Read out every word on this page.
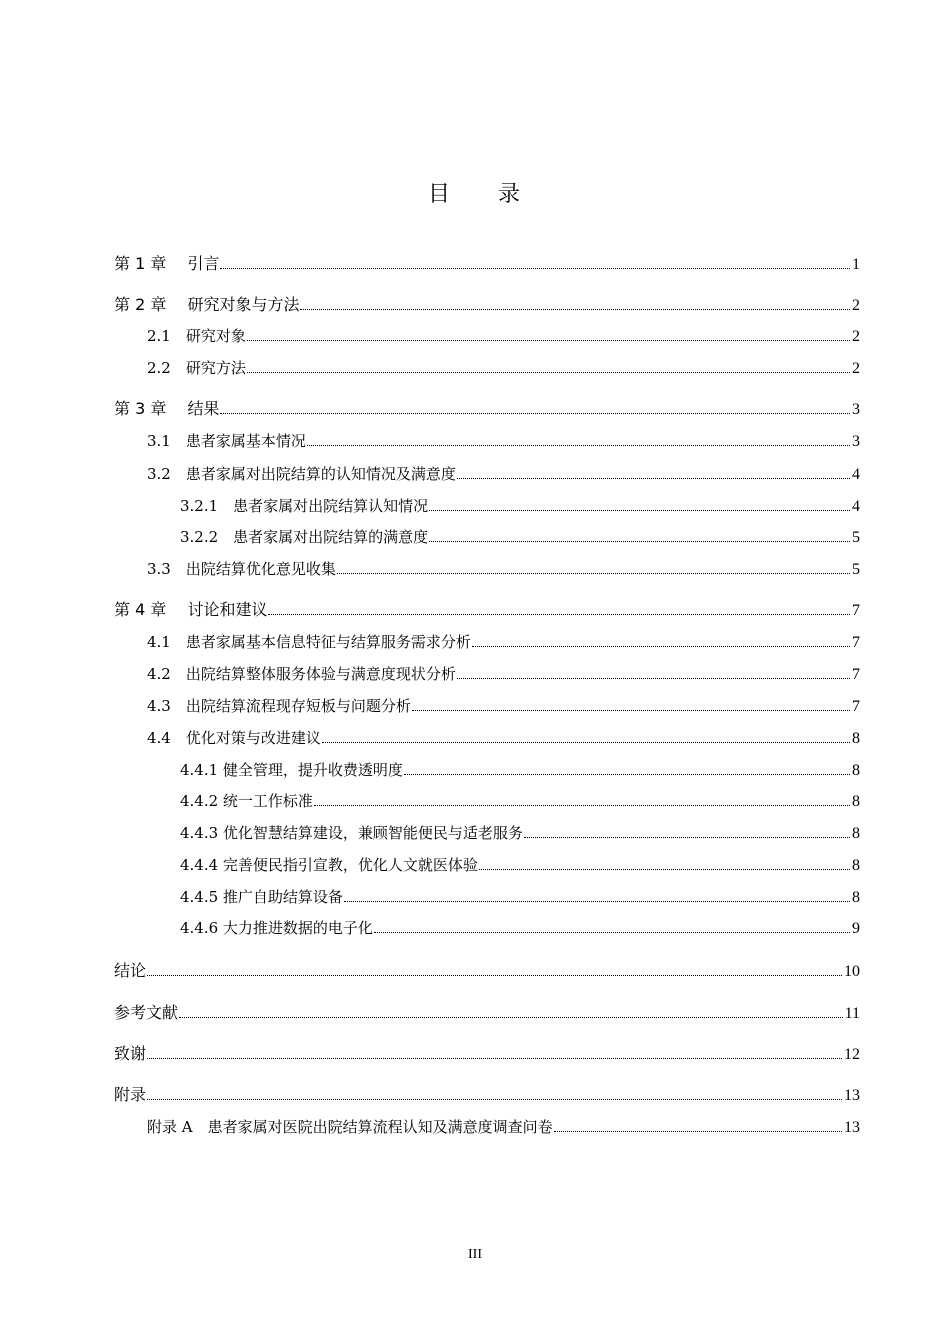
目 录
第 1 章　 引言	1
第 2 章　 研究对象与方法	2
2.1　研究对象	2
2.2　研究方法	2
第 3 章　 结果	3
3.1　患者家属基本情况	3
3.2　患者家属对出院结算的认知情况及满意度	4
3.2.1　患者家属对出院结算认知情况	4
3.2.2　患者家属对出院结算的满意度	5
3.3　出院结算优化意见收集	5
第 4 章　 讨论和建议	7
4.1　患者家属基本信息特征与结算服务需求分析	7
4.2　出院结算整体服务体验与满意度现状分析	7
4.3　出院结算流程现存短板与问题分析	7
4.4　优化对策与改进建议	8
4.4.1 健全管理，提升收费透明度	8
4.4.2 统一工作标准	8
4.4.3 优化智慧结算建设，兼顾智能便民与适老服务	8
4.4.4 完善便民指引宣教，优化人文就医体验	8
4.4.5 推广自助结算设备	8
4.4.6 大力推进数据的电子化	9
结论	10
参考文献	11
致谢	12
附录	13
附录 A　患者家属对医院出院结算流程认知及满意度调查问卷	13
III
